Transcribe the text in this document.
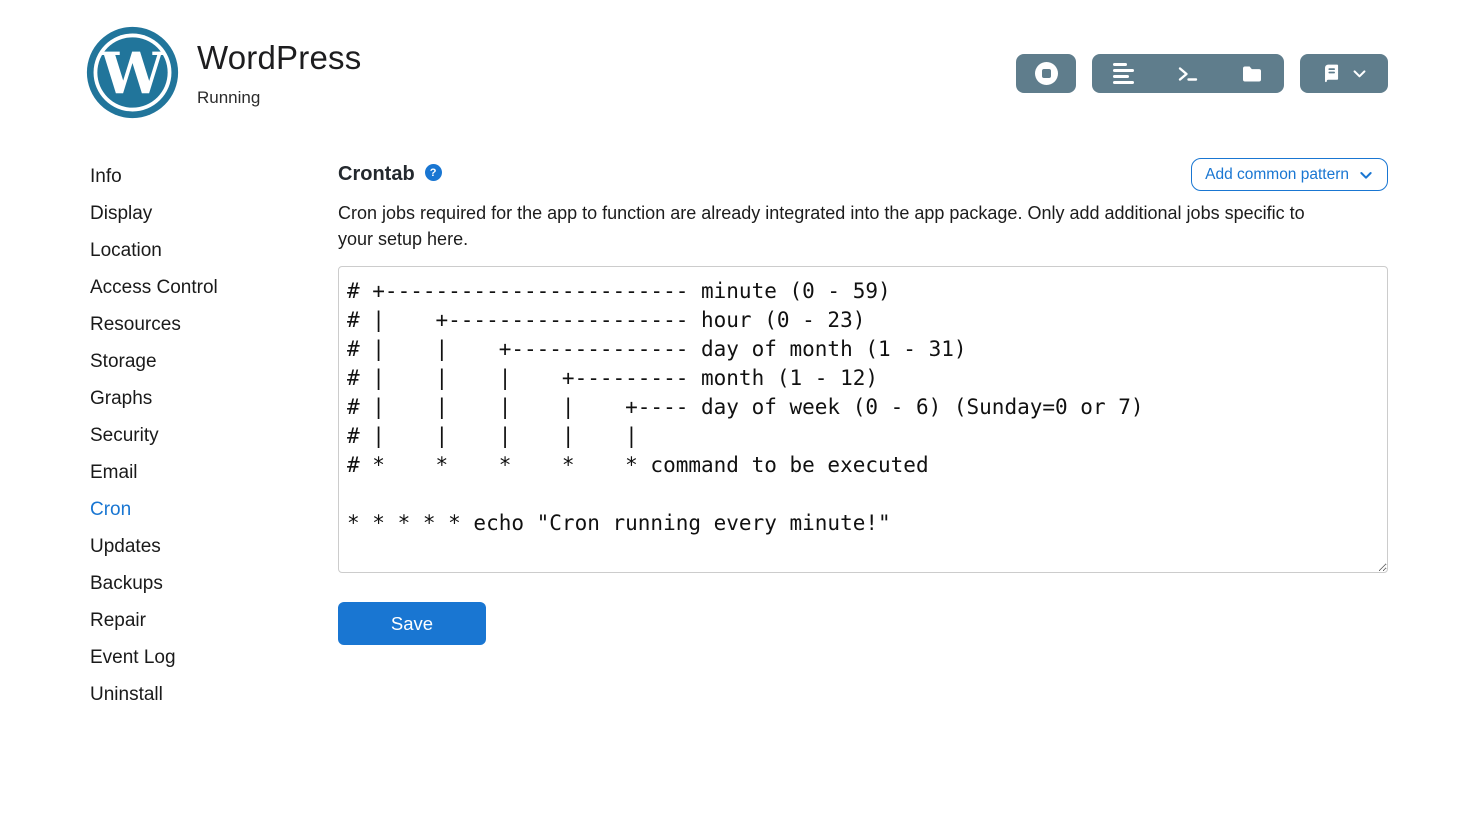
W WordPress
Running
Info
Display
Location
Access Control
Resources
Storage
Graphs
Security
Email
Cron
Updates
Backups
Repair
Event Log
Uninstall
Crontab	?	Add common pattern

Cron jobs required for the app to function are already integrated into the app package. Only add additional jobs specific to your setup here.

# +------------------------ minute (0 - 59) # | +------------------- hour (0 - 23) # | | +-------------- day of month (1 - 31) # | | | +--------- month (1 - 12) # | | | | +---- day of week (0 - 6) (Sunday=0 or 7) # | | | | | # * * * * * command to be executed * * * * * echo "Cron running every minute!" Save
